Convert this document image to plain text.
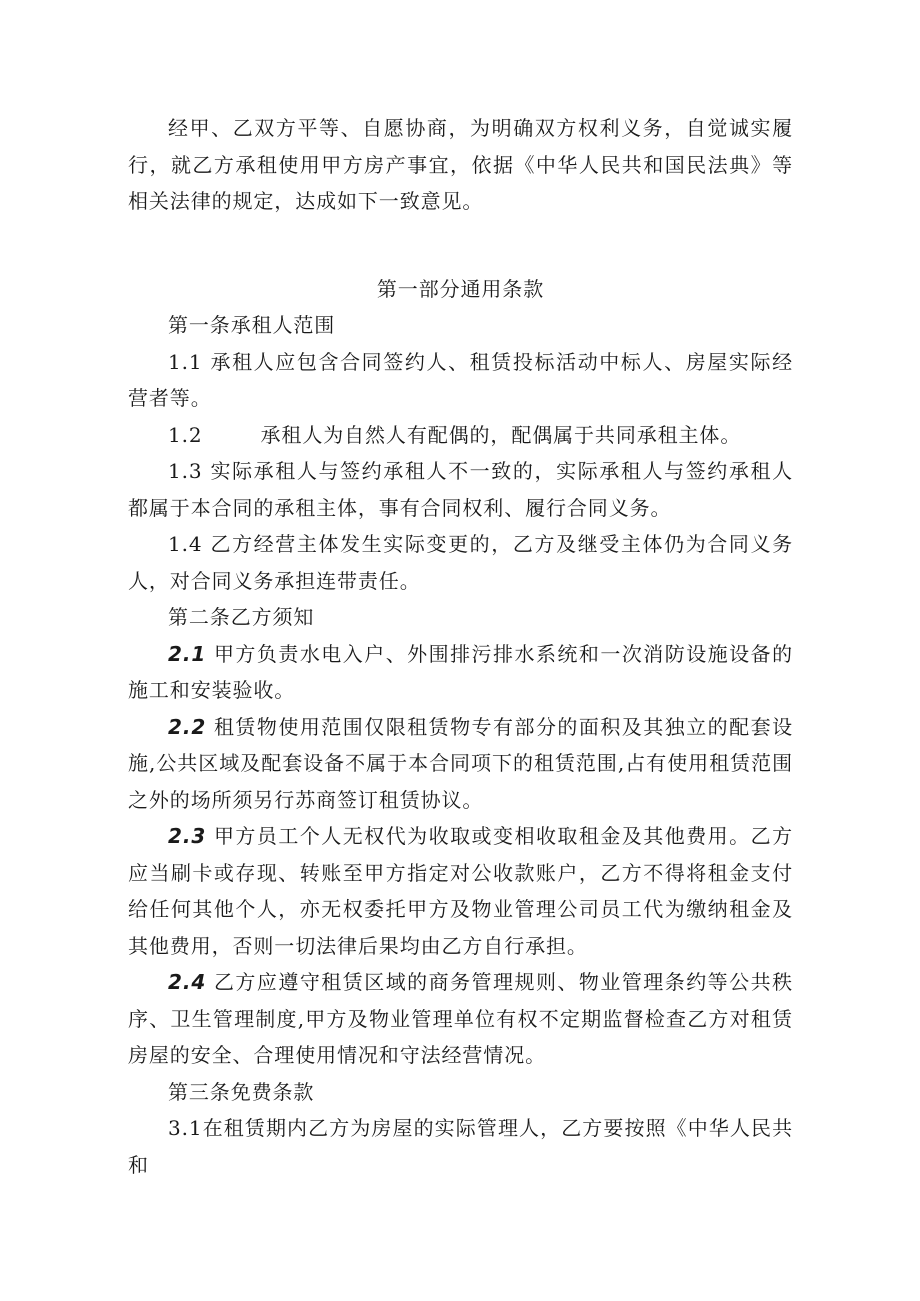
经甲、乙双方平等、自愿协商，为明确双方权利义务，自觉诚实履行，就乙方承租使用甲方房产事宜，依据《中华人民共和国民法典》等相关法律的规定，达成如下一致意见。

第一部分通用条款

第一条承租人范围

1.1 承租人应包含合同签约人、租赁投标活动中标人、房屋实际经营者等。

1.2	承租人为自然人有配偶的，配偶属于共同承租主体。

1.3 实际承租人与签约承租人不一致的，实际承租人与签约承租人都属于本合同的承租主体，事有合同权利、履行合同义务。

1.4 乙方经营主体发生实际变更的，乙方及继受主体仍为合同义务人，对合同义务承担连带责任。

第二条乙方须知

2.1 甲方负责水电入户、外围排污排水系统和一次消防设施设备的施工和安装验收。

2.2 租赁物使用范围仅限租赁物专有部分的面积及其独立的配套设施,公共区域及配套设备不属于本合同项下的租赁范围,占有使用租赁范围之外的场所须另行苏商签订租赁协议。

2.3 甲方员工个人无权代为收取或变相收取租金及其他费用。乙方应当刷卡或存现、转账至甲方指定对公收款账户，乙方不得将租金支付给任何其他个人，亦无权委托甲方及物业管理公司员工代为缴纳租金及其他费用，否则一切法律后果均由乙方自行承担。

2.4 乙方应遵守租赁区域的商务管理规则、物业管理条约等公共秩序、卫生管理制度,甲方及物业管理单位有权不定期监督检查乙方对租赁房屋的安全、合理使用情况和守法经营情况。

第三条免费条款

3.1在租赁期内乙方为房屋的实际管理人，乙方要按照《中华人民共和
